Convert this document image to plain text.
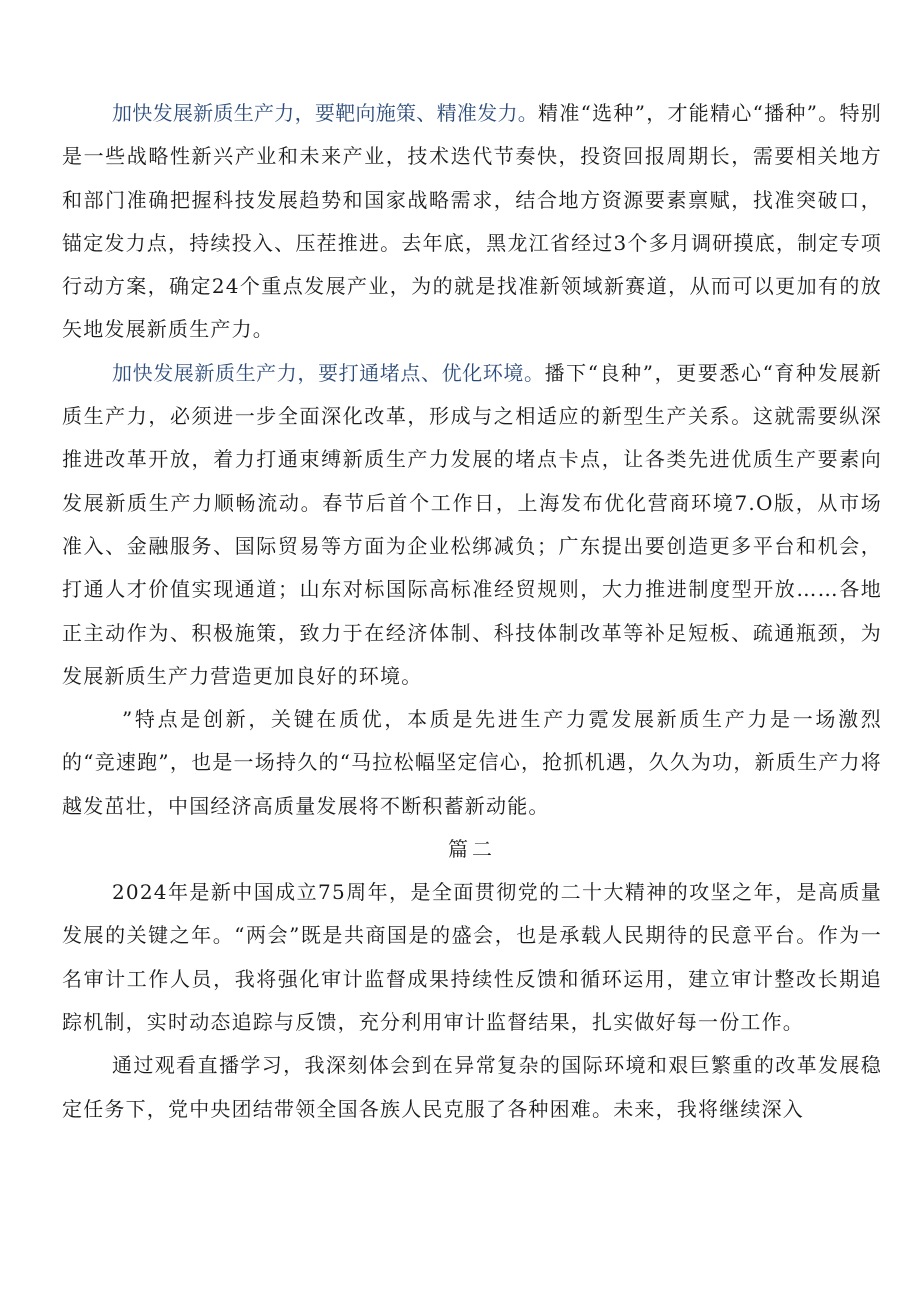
加快发展新质生产力，要靶向施策、精准发力。精准“选种”，才能精心“播种”。特别是一些战略性新兴产业和未来产业，技术迭代节奏快，投资回报周期长，需要相关地方和部门准确把握科技发展趋势和国家战略需求，结合地方资源要素禀赋，找准突破口，锚定发力点，持续投入、压茬推进。去年底，黑龙江省经过3个多月调研摸底，制定专项行动方案，确定24个重点发展产业，为的就是找准新领域新赛道，从而可以更加有的放矢地发展新质生产力。

加快发展新质生产力，要打通堵点、优化环境。播下“良种”，更要悉心“育种发展新质生产力，必须进一步全面深化改革，形成与之相适应的新型生产关系。这就需要纵深推进改革开放，着力打通束缚新质生产力发展的堵点卡点，让各类先进优质生产要素向发展新质生产力顺畅流动。春节后首个工作日，上海发布优化营商环境7.O版，从市场准入、金融服务、国际贸易等方面为企业松绑减负；广东提出要创造更多平台和机会，打通人才价值实现通道；山东对标国际高标准经贸规则，大力推进制度型开放……各地正主动作为、积极施策，致力于在经济体制、科技体制改革等补足短板、疏通瓶颈，为发展新质生产力营造更加良好的环境。

”特点是创新，关键在质优，本质是先进生产力霓发展新质生产力是一场激烈的“竞速跑”，也是一场持久的“马拉松幅坚定信心，抢抓机遇，久久为功，新质生产力将越发茁壮，中国经济高质量发展将不断积蓄新动能。

篇二

2024年是新中国成立75周年，是全面贯彻党的二十大精神的攻坚之年，是高质量发展的关键之年。“两会”既是共商国是的盛会，也是承载人民期待的民意平台。作为一名审计工作人员，我将强化审计监督成果持续性反馈和循环运用，建立审计整改长期追踪机制，实时动态追踪与反馈，充分利用审计监督结果，扎实做好每一份工作。

通过观看直播学习，我深刻体会到在异常复杂的国际环境和艰巨繁重的改革发展稳定任务下，党中央团结带领全国各族人民克服了各种困难。未来，我将继续深入
